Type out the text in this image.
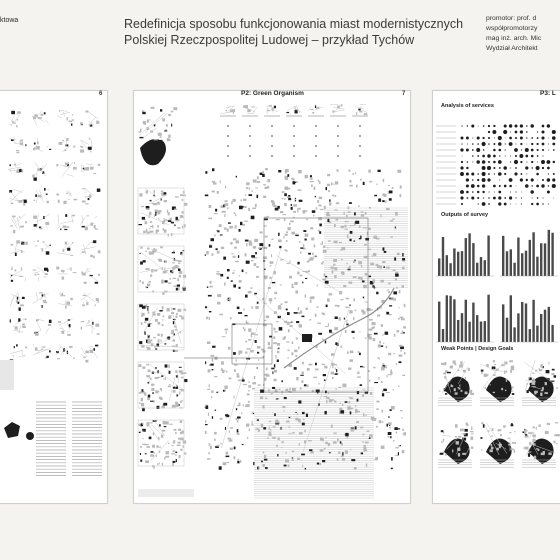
ktowa	Redefinicja sposobu funkcjonowania miast modernistycznych
Polskiej Rzeczpospolitej Ludowej – przykład Tychów
promotor: prof. d
współpromotorzy
mag inż. arch. Mic
Wydział Architekt
6	7
P2: Green Organism	P3: L
Analysis of services
Outputs of survey
Weak Points | Design Goals
